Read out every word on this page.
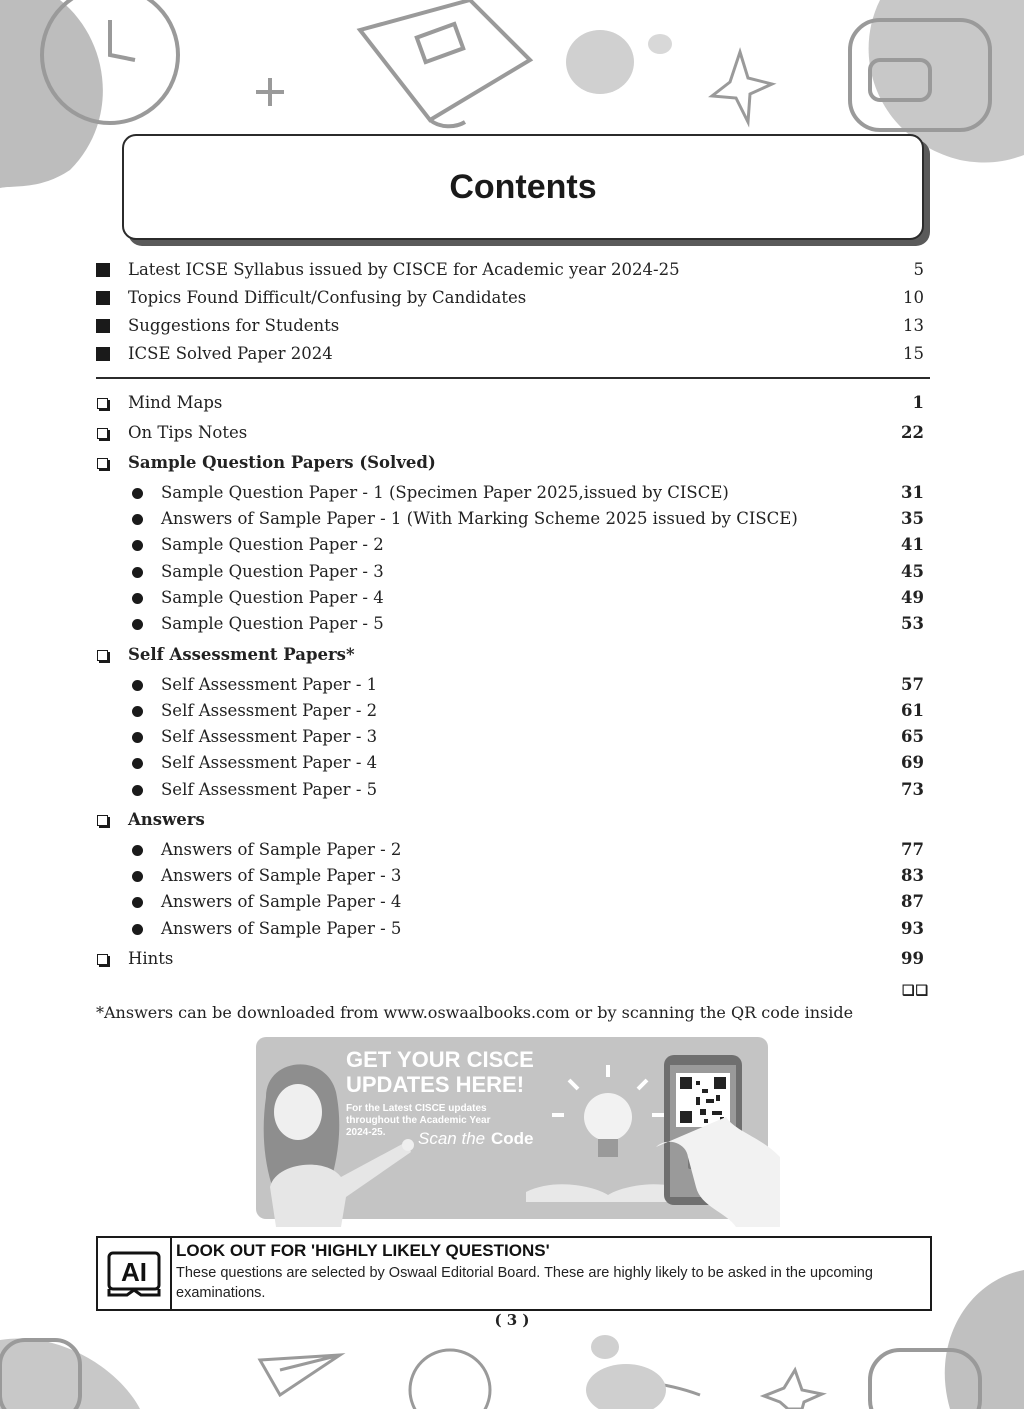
Contents
Latest ICSE Syllabus issued by CISCE for Academic year 2024-25	5
Topics Found Difficult/Confusing by Candidates	10
Suggestions for Students	13
ICSE Solved Paper 2024	15
Mind Maps	1
On Tips Notes	22
Sample Question Papers (Solved)
Sample Question Paper - 1 (Specimen Paper 2025,issued by CISCE)	31
Answers of Sample Paper - 1 (With Marking Scheme 2025 issued by CISCE)	35
Sample Question Paper - 2	41
Sample Question Paper - 3	45
Sample Question Paper - 4	49
Sample Question Paper - 5	53
Self Assessment Papers*
Self Assessment Paper - 1	57
Self Assessment Paper - 2	61
Self Assessment Paper - 3	65
Self Assessment Paper - 4	69
Self Assessment Paper - 5	73
Answers
Answers of Sample Paper - 2	77
Answers of Sample Paper - 3	83
Answers of Sample Paper - 4	87
Answers of Sample Paper - 5	93
Hints	99
❑❑
*Answers can be downloaded from www.oswaalbooks.com or by scanning the QR code inside
GET YOUR CISCE
UPDATES HERE!
For the Latest CISCE updates
throughout the Academic Year
2024-25. Scan the Code
AI
LOOK OUT FOR 'HIGHLY LIKELY QUESTIONS'
These questions are selected by Oswaal Editorial Board. These are highly likely to be asked in the upcoming examinations.
( 3 )
